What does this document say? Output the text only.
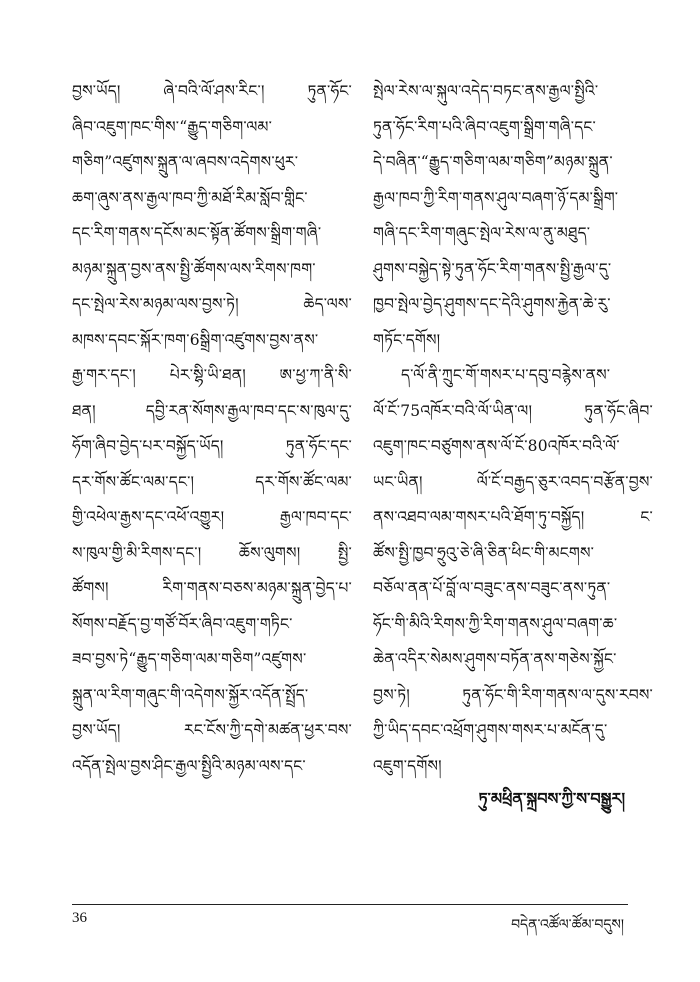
བྱས་ཡོད། ཞེ་བའི་ལོ་ཤས་རིང་། ཏུན་ཧོང་
ཞིབ་འཇུག་ཁང་གིས་“རྒྱུད་གཅིག་ལམ་
གཅིག”འཛུགས་སྐྲུན་ལ་ཞབས་འདེགས་ཕུར་
ཆག་ཞུས་ནས་རྒྱལ་ཁབ་ཀྱི་མཐོ་རིམ་སློབ་གླིང་
དང་རིག་གནས་དངོས་མང་སྟོན་ཚོགས་སྒྲིག་གཞི་
མཉམ་སྐྲུན་བྱས་ནས་སྤྱི་ཚོགས་ལས་རིགས་ཁག་
དང་སྤེལ་རེས་མཉམ་ལས་བྱས་ཏེ། ཆེད་ལས་
མཁས་དབང་སྐོར་ཁག་6སྒྲིག་འཛུགས་བྱས་ནས་
རྒྱ་གར་དང་། པེར་སྷི་ཡི་ཐན། ཨ་ཕྱ་ཀ་ནི་སི་
ཐན། དབྱི་རན་སོགས་རྒྱལ་ཁབ་དང་ས་ཁུལ་དུ་
ཧོག་ཞིབ་བྱེད་པར་བསྐྱོད་ཡོད། ཏུན་ཧོང་དང་
དར་གོས་ཚོང་ལམ་དང་། དར་གོས་ཚོང་ལམ་
གྱི་འཕེལ་རྒྱས་དང་འཕོ་འགྱུར། རྒྱལ་ཁབ་དང་
ས་ཁུལ་གྱི་མི་རིགས་དང་། ཆོས་ལུགས། སྤྱི་
ཚོགས། རིག་གནས་བཅས་མཉམ་སྐྲུན་བྱེད་པ་
སོགས་བརྗོད་བྱ་གཙོ་བོར་ཞིབ་འཇུག་གཏིང་
ཟབ་བྱས་ཏེ“རྒྱུད་གཅིག་ལམ་གཅིག”འཛུགས་
སྐྲུན་ལ་རིག་གཞུང་གི་འདེགས་སྐྱོར་འདོན་སྤྲོད་
བྱས་ཡོད། རང་ངོས་ཀྱི་དགེ་མཚན་ཕྱར་བས་
འདོན་སྤེལ་བྱས་ཤིང་རྒྱལ་སྤྱིའི་མཉམ་ལས་དང་
སྤེལ་རེས་ལ་སྐུལ་འདེད་བཏང་ནས་རྒྱལ་སྤྱིའི་
ཏུན་ཧོང་རིག་པའི་ཞིབ་འཇུག་སྒྲིག་གཞི་དང་
དེ་བཞིན་“རྒྱུད་གཅིག་ལམ་གཅིག”མཉམ་སྐྲུན་
རྒྱལ་ཁབ་ཀྱི་རིག་གནས་ཤུལ་བཞག་ཉོ་དམ་སྒྲིག་
གཞི་དང་རིག་གཞུང་སྤེལ་རེས་ལ་ནུ་མཐུད་
ཤུགས་བསྐྱེད་སྟེ་ཏུན་ཧོང་རིག་གནས་སྤྱི་རྒྱལ་དུ་
ཁྱབ་སྤེལ་བྱེད་ཤུགས་དང་དེའི་ཤུགས་རྐྱེན་ཆེ་རུ་
གཏོང་དགོས།
ད་ལོ་ནི་ཀྲུང་གོ་གསར་པ་དབུ་བརྙེས་ནས་
ལོ་ངོ་75འཁོར་བའི་ལོ་ཡིན་ལ། ཏུན་ཧོང་ཞིབ་
འཇུག་ཁང་བཙུགས་ནས་ལོ་ངོ་80འཁོར་བའི་ལོ་
ཡང་ཡིན། ལོ་ངོ་བརྒྱད་ཅུར་འབད་བརྩོན་བྱས་
ནས་འཐབ་ལམ་གསར་པའི་ཐོག་ཏུ་བསྐྱོད། ང་
ཚོས་སྤྱི་ཁྱབ་ཧྲུའུ་ཅེ་ཞི་ཅིན་ཕིང་གི་མངགས་
བཅོལ་ནན་པོ་བློ་ལ་བཟུང་ནས་བཟུང་ནས་ཏུན་
ཧོང་གི་མིའི་རིགས་ཀྱི་རིག་གནས་ཤུལ་བཞག་ཆ་
ཆེན་འདིར་སེམས་ཤུགས་བཏོན་ནས་གཅེས་སྐྱོང་
བྱས་ཏེ། ཏུན་ཧོང་གི་རིག་གནས་ལ་དུས་རབས་
ཀྱི་ཡིད་དབང་འཕྲོག་ཤུགས་གསར་པ་མངོན་དུ་
འཇུག་དགོས།
ཏུ་མཕྲིན་སྐྲབས་ཀྱི་ས་བསྒྱུར།
36	བདེན་འཚོལ་ཚོམ་བདུས།
